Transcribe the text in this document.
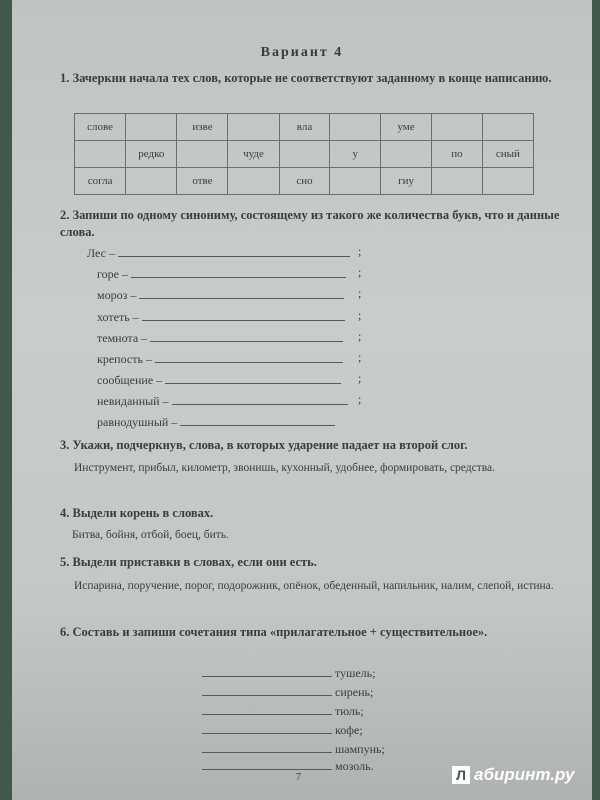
Вариант 4
1. Зачеркни начала тех слов, которые не соответствуют заданному в конце написанию.
слове		изве		вла		уме		
	редко		чуде		у		по	сный
согла		отве		сно		гиу		
2. Запиши по одному синониму, состоящему из такого же количества букв, что и данные слова.
Лес –	;
горе –	;
мороз –	;
хотеть –	;
темнота –	;
крепость –	;
сообщение –	;
невиданный –	;
равнодушный –
3. Укажи, подчеркнув, слова, в которых ударение падает на второй слог.
Инструмент, прибыл, километр, звонишь, кухонный, удобнее, формировать, средства.
4. Выдели корень в словах.
Битва, бойня, отбой, боец, бить.
5. Выдели приставки в словах, если они есть.
Испарина, поручение, порог, подорожник, опёнок, обеденный, напильник, налим, слепой, истина.
6. Составь и запиши сочетания типа «прилагательное + существительное».
тушель;
сирень;
тюль;
кофе;
шампунь;
мозоль.
7	Л абиринт.ру
